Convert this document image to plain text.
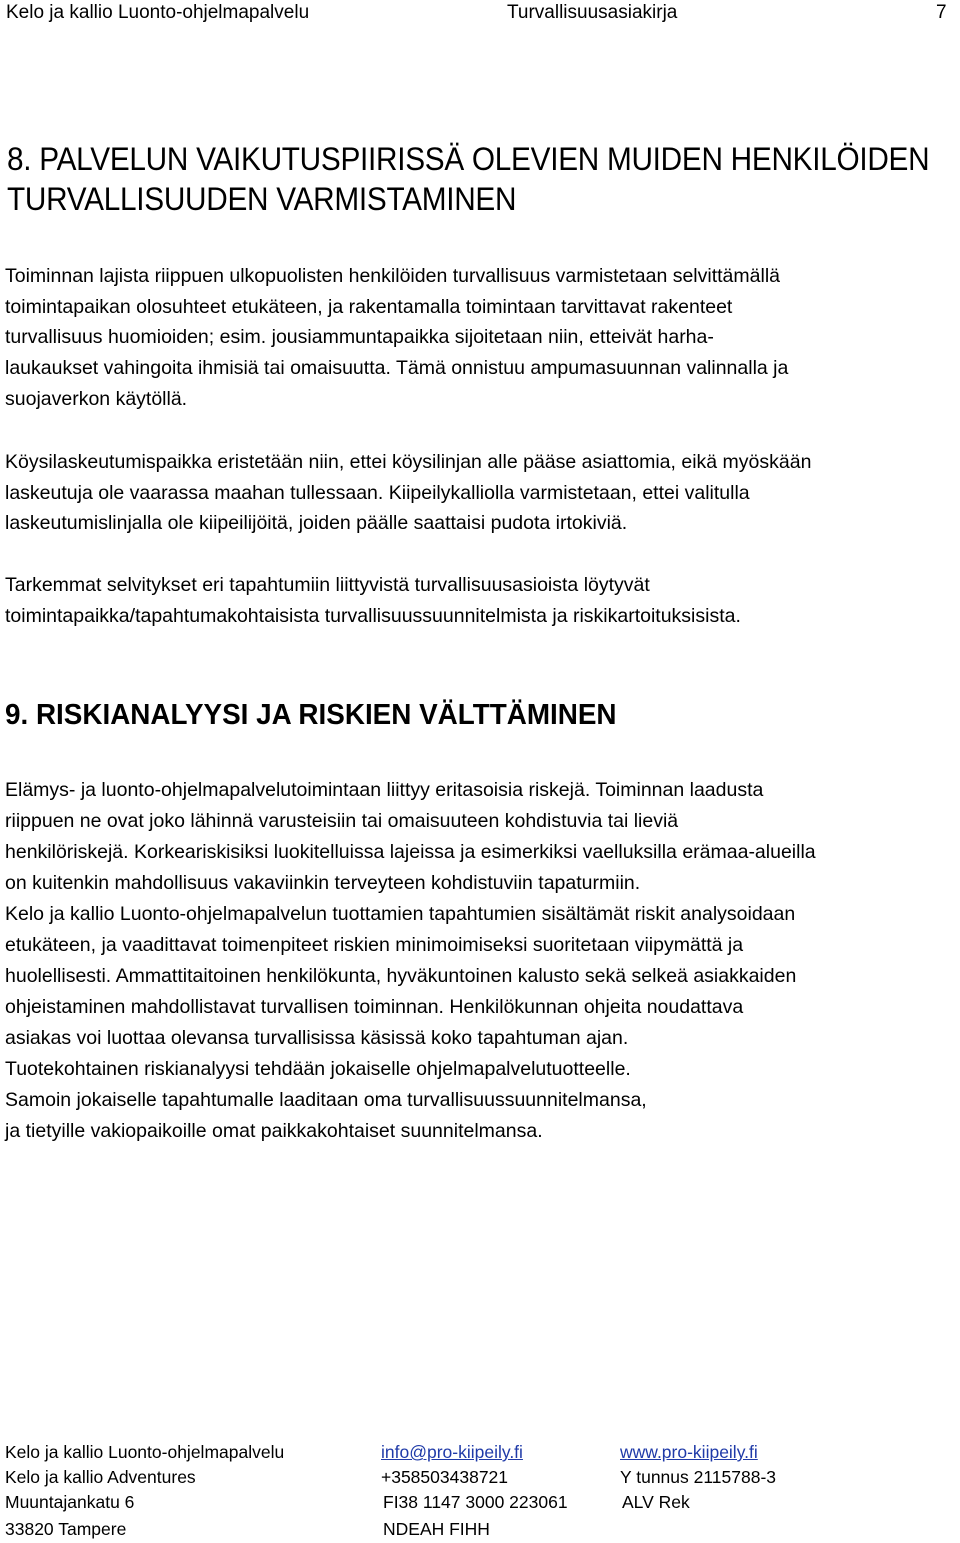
Kelo ja kallio Luonto-ohjelmapalvelu	Turvallisuusasiakirja	7
8. PALVELUN VAIKUTUSPIIRISSÄ OLEVIEN MUIDEN HENKILÖIDEN
TURVALLISUUDEN VARMISTAMINEN
Toiminnan lajista riippuen ulkopuolisten henkilöiden turvallisuus varmistetaan selvittämällä
toimintapaikan olosuhteet etukäteen, ja rakentamalla toimintaan tarvittavat rakenteet
turvallisuus huomioiden; esim. jousiammuntapaikka sijoitetaan niin, etteivät harha-
laukaukset vahingoita ihmisiä tai omaisuutta. Tämä onnistuu ampumasuunnan valinnalla ja
suojaverkon käytöllä.
Köysilaskeutumispaikka eristetään niin, ettei köysilinjan alle pääse asiattomia, eikä myöskään
laskeutuja ole vaarassa maahan tullessaan. Kiipeilykalliolla varmistetaan, ettei valitulla
laskeutumislinjalla ole kiipeilijöitä, joiden päälle saattaisi pudota irtokiviä.
Tarkemmat selvitykset eri tapahtumiin liittyvistä turvallisuusasioista löytyvät
toimintapaikka/tapahtumakohtaisista turvallisuussuunnitelmista ja riskikartoituksisista.
9. RISKIANALYYSI JA RISKIEN VÄLTTÄMINEN
Elämys- ja luonto-ohjelmapalvelutoimintaan liittyy eritasoisia riskejä. Toiminnan laadusta
riippuen ne ovat joko lähinnä varusteisiin tai omaisuuteen kohdistuvia tai lieviä
henkilöriskejä. Korkeariskisiksi luokitelluissa lajeissa ja esimerkiksi vaelluksilla erämaa-alueilla
on kuitenkin mahdollisuus vakaviinkin terveyteen kohdistuviin tapaturmiin.
Kelo ja kallio Luonto-ohjelmapalvelun tuottamien tapahtumien sisältämät riskit analysoidaan
etukäteen, ja vaadittavat toimenpiteet riskien minimoimiseksi suoritetaan viipymättä ja
huolellisesti. Ammattitaitoinen henkilökunta, hyväkuntoinen kalusto sekä selkeä asiakkaiden
ohjeistaminen mahdollistavat turvallisen toiminnan. Henkilökunnan ohjeita noudattava
asiakas voi luottaa olevansa turvallisissa käsissä koko tapahtuman ajan.
Tuotekohtainen riskianalyysi tehdään jokaiselle ohjelmapalvelutuotteelle.
Samoin jokaiselle tapahtumalle laaditaan oma turvallisuussuunnitelmansa,
ja tietyille vakiopaikoille omat paikkakohtaiset suunnitelmansa.
Kelo ja kallio Luonto-ohjelmapalvelu
Kelo ja kallio Adventures
Muuntajankatu 6
33820 Tampere
info@pro-kiipeily.fi
+358503438721
FI38 1147 3000 223061
NDEAH FIHH
www.pro-kiipeily.fi
Y tunnus 2115788-3
ALV Rek
